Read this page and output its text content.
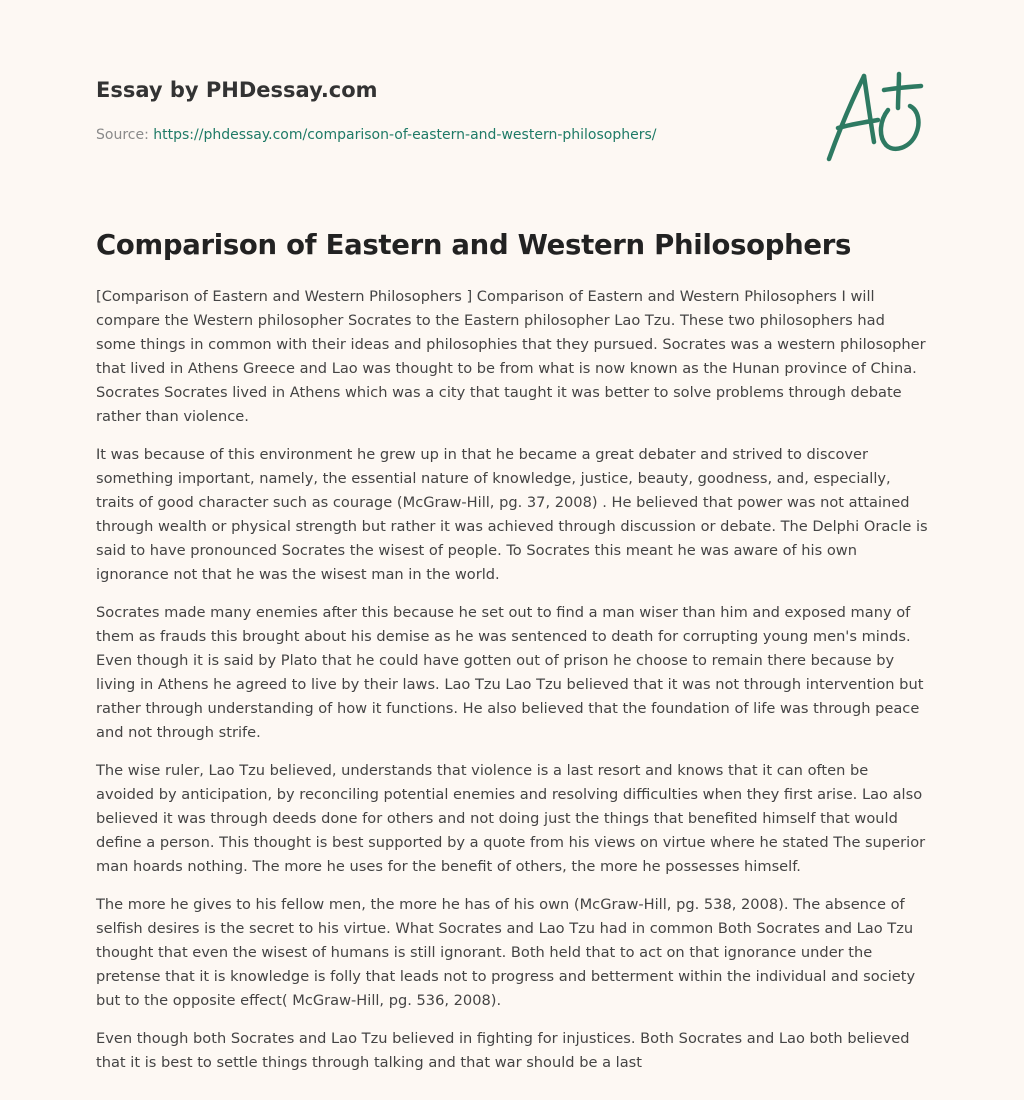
Essay by PHDessay.com
Source: https://phdessay.com/comparison-of-eastern-and-western-philosophers/
Comparison of Eastern and Western Philosophers

[Comparison of Eastern and Western Philosophers ] Comparison of Eastern and Western Philosophers I will compare the Western philosopher Socrates to the Eastern philosopher Lao Tzu. These two philosophers had some things in common with their ideas and philosophies that they pursued. Socrates was a western philosopher that lived in Athens Greece and Lao was thought to be from what is now known as the Hunan province of China. Socrates Socrates lived in Athens which was a city that taught it was better to solve problems through debate rather than violence.

It was because of this environment he grew up in that he became a great debater and strived to discover something important, namely, the essential nature of knowledge, justice, beauty, goodness, and, especially, traits of good character such as courage (McGraw-Hill, pg. 37, 2008) . He believed that power was not attained through wealth or physical strength but rather it was achieved through discussion or debate. The Delphi Oracle is said to have pronounced Socrates the wisest of people. To Socrates this meant he was aware of his own ignorance not that he was the wisest man in the world.

Socrates made many enemies after this because he set out to find a man wiser than him and exposed many of them as frauds this brought about his demise as he was sentenced to death for corrupting young men's minds. Even though it is said by Plato that he could have gotten out of prison he choose to remain there because by living in Athens he agreed to live by their laws. Lao Tzu Lao Tzu believed that it was not through intervention but rather through understanding of how it functions. He also believed that the foundation of life was through peace and not through strife.

The wise ruler, Lao Tzu believed, understands that violence is a last resort and knows that it can often be avoided by anticipation, by reconciling potential enemies and resolving difficulties when they first arise. Lao also believed it was through deeds done for others and not doing just the things that benefited himself that would define a person. This thought is best supported by a quote from his views on virtue where he stated The superior man hoards nothing. The more he uses for the benefit of others, the more he possesses himself.

The more he gives to his fellow men, the more he has of his own (McGraw-Hill, pg. 538, 2008). The absence of selfish desires is the secret to his virtue. What Socrates and Lao Tzu had in common Both Socrates and Lao Tzu thought that even the wisest of humans is still ignorant. Both held that to act on that ignorance under the pretense that it is knowledge is folly that leads not to progress and betterment within the individual and society but to the opposite effect( McGraw-Hill, pg. 536, 2008).

Even though both Socrates and Lao Tzu believed in fighting for injustices. Both Socrates and Lao both believed that it is best to settle things through talking and that war should be a last
